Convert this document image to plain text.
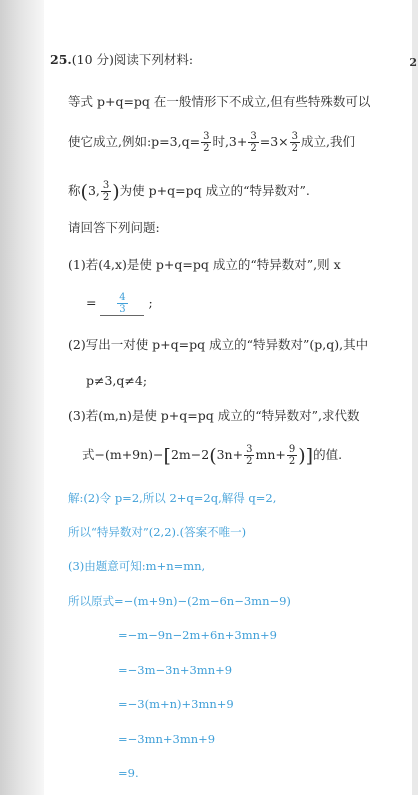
2
25.(10 分)阅读下列材料:
等式 p+q=pq 在一般情形下不成立,但有些特殊数可以
使它成立,例如:p=3,q= $\frac{3}{2}$ 时$,3+ \frac{3}{2} =3\times \frac{3}{2}$ 成立,我们
称(3, $\frac{3}{2}$ )为使 p+q=pq 成立的“特异数对”.
请回答下列问题:
(1)若(4,x)是使 p+q=pq 成立的“特异数对”,则 x
= $\frac{4}{3}$ ;
(2)写出一对使 p+q=pq 成立的“特异数对”(p,q),其中
p≠3,q≠4;
(3)若(m,n)是使 p+q=pq 成立的“特异数对”,求代数
式$-(m+9n)-[2m-2(3n+ \frac{3}{2} mn+ \frac{9}{2}$ )]的值.
解:(2)令 p=2,所以 2+q=2q,解得 q=2,
所以“特异数对”(2,2).(答案不唯一)
(3)由题意可知:m+n=mn,
所以原式=−(m+9n)−(2m−6n−3mn−9)
=−m−9n−2m+6n+3mn+9
=−3m−3n+3mn+9
=−3(m+n)+3mn+9
=−3mn+3mn+9
=9.
